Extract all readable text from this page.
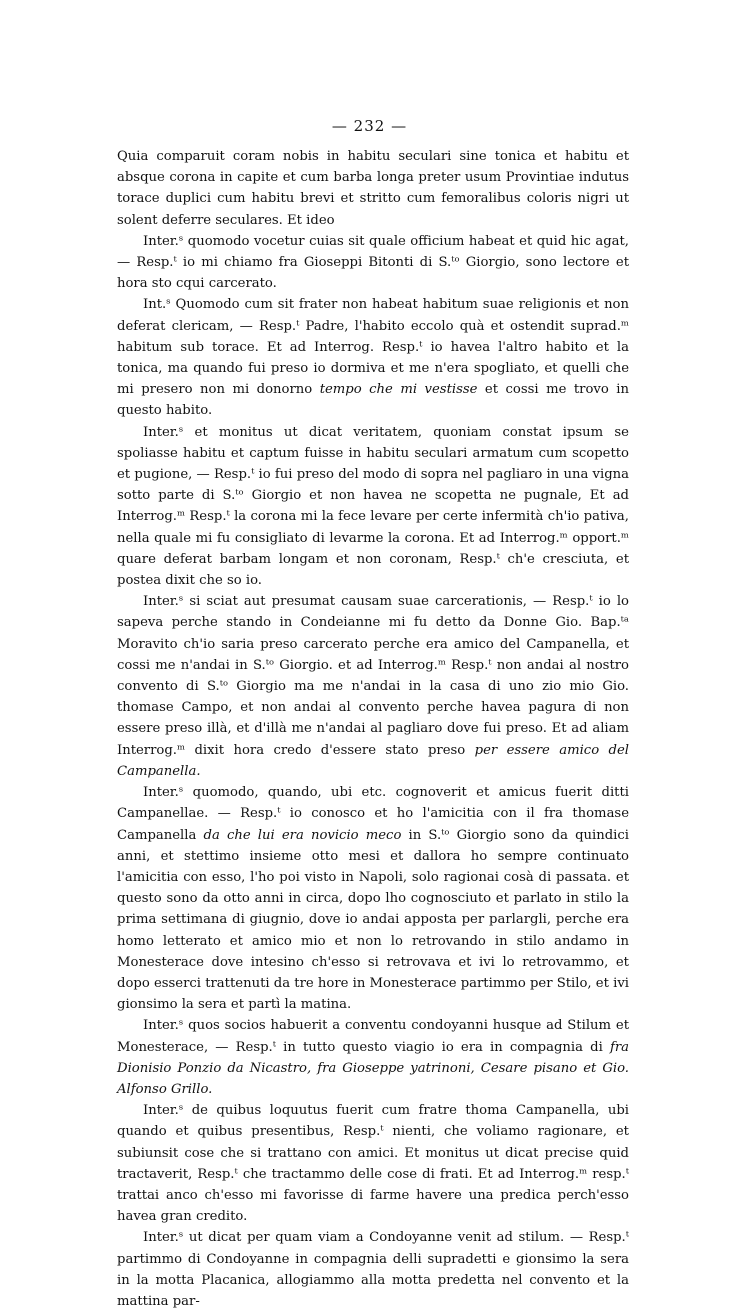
— 232 —

Quia comparuit coram nobis in habitu seculari sine tonica et habitu et absque corona in capite et cum barba longa preter usum Provintiae indutus torace duplici cum habitu brevi et stritto cum femoralibus coloris nigri ut solent deferre seculares. Et ideo

Inter.ˢ quomodo vocetur cuias sit quale officium habeat et quid hic agat, — Resp.ᵗ io mi chiamo fra Gioseppi Bitonti di S.ᵗᵒ Giorgio, sono lectore et hora sto cqui carcerato.

Int.ˢ Quomodo cum sit frater non habeat habitum suae religionis et non deferat clericam, — Resp.ᵗ Padre, l'habito eccolo quà et ostendit suprad.ᵐ habitum sub torace. Et ad Interrog. Resp.ᵗ io havea l'altro habito et la tonica, ma quando fui preso io dormiva et me n'era spogliato, et quelli che mi presero non mi donorno tempo che mi vestisse et cossi me trovo in questo habito.

Inter.ˢ et monitus ut dicat veritatem, quoniam constat ipsum se spoliasse habitu et captum fuisse in habitu seculari armatum cum scopetto et pugione, — Resp.ᵗ io fui preso del modo di sopra nel pagliaro in una vigna sotto parte di S.ᵗᵒ Giorgio et non havea ne scopetta ne pugnale, Et ad Interrog.ᵐ Resp.ᵗ la corona mi la fece levare per certe infermità ch'io pativa, nella quale mi fu consigliato di levarme la corona. Et ad Interrog.ᵐ opport.ᵐ quare deferat barbam longam et non coronam, Resp.ᵗ ch'e cresciuta, et postea dixit che so io.

Inter.ˢ si sciat aut presumat causam suae carcerationis, — Resp.ᵗ io lo sapeva perche stando in Condeianne mi fu detto da Donne Gio. Bap.ᵗᵃ Moravito ch'io saria preso carcerato perche era amico del Campanella, et cossi me n'andai in S.ᵗᵒ Giorgio. et ad Interrog.ᵐ Resp.ᵗ non andai al nostro convento di S.ᵗᵒ Giorgio ma me n'andai in la casa di uno zio mio Gio. thomase Campo, et non andai al convento perche havea pagura di non essere preso illà, et d'illà me n'andai al pagliaro dove fui preso. Et ad aliam Interrog.ᵐ dixit hora credo d'essere stato preso per essere amico del Campanella.

Inter.ˢ quomodo, quando, ubi etc. cognoverit et amicus fuerit ditti Campanellae. — Resp.ᵗ io conosco et ho l'amicitia con il fra thomase Campanella da che lui era novicio meco in S.ᵗᵒ Giorgio sono da quindici anni, et stettimo insieme otto mesi et dallora ho sempre continuato l'amicitia con esso, l'ho poi visto in Napoli, solo ragionai cosà di passata. et questo sono da otto anni in circa, dopo lho cognosciuto et parlato in stilo la prima settimana di giugnio, dove io andai apposta per parlargli, perche era homo letterato et amico mio et non lo retrovando in stilo andamo in Monesterace dove intesino ch'esso si retrovava et ivi lo retrovammo, et dopo esserci trattenuti da tre hore in Monesterace partimmo per Stilo, et ivi gionsimo la sera et partì la matina.

Inter.ˢ quos socios habuerit a conventu condoyanni husque ad Stilum et Monesterace, — Resp.ᵗ in tutto questo viagio io era in compagnia di fra Dionisio Ponzio da Nicastro, fra Gioseppe yatrinoni, Cesare pisano et Gio. Alfonso Grillo.

Inter.ˢ de quibus loquutus fuerit cum fratre thoma Campanella, ubi quando et quibus presentibus, Resp.ᵗ nienti, che voliamo ragionare, et subiunsit cose che si trattano con amici. Et monitus ut dicat precise quid tractaverit, Resp.ᵗ che tractammo delle cose di frati. Et ad Interrog.ᵐ resp.ᵗ trattai anco ch'esso mi favorisse di farme havere una predica perch'esso havea gran credito.

Inter.ˢ ut dicat per quam viam a Condoyanne venit ad stilum. — Resp.ᵗ partimmo di Condoyanne in compagnia delli supradetti e gionsimo la sera in la motta Placanica, allogiammo alla motta predetta nel convento et la mattina par-
